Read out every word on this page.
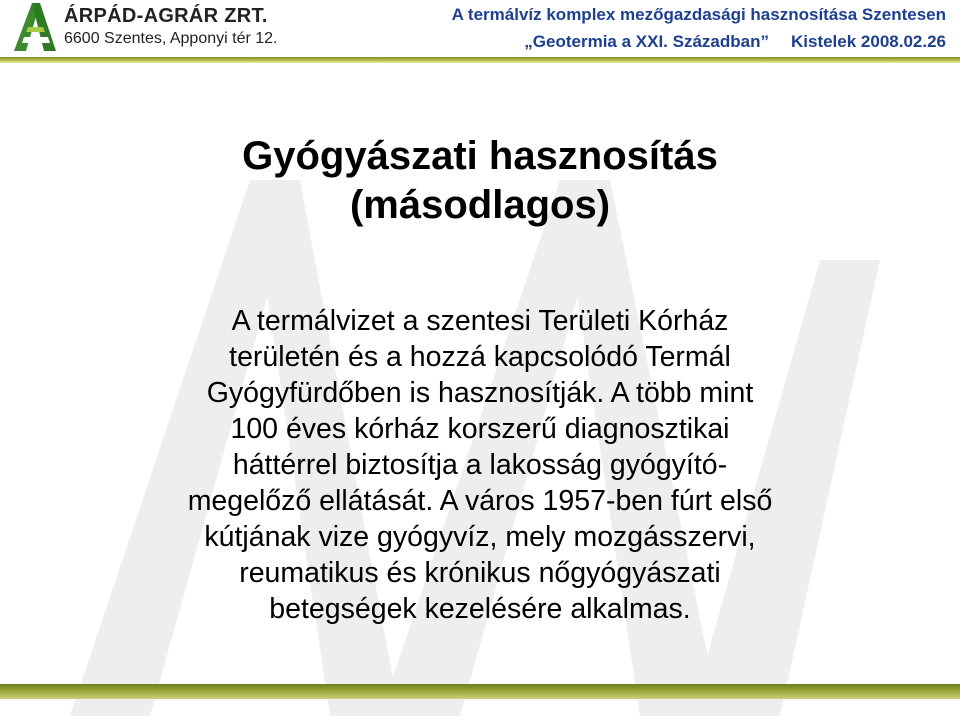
ÁRPÁD-AGRÁR ZRT.
6600 Szentes, Apponyi tér 12.
A termálvíz komplex mezőgazdasági hasznosítása Szentesen
„Geotermia a XXI. Században” Kistelek 2008.02.26
Gyógyászati hasznosítás
(másodlagos)

A termálvizet a szentesi Területi Kórház
területén és a hozzá kapcsolódó Termál
Gyógyfürdőben is hasznosítják. A több mint
100 éves kórház korszerű diagnosztikai
háttérrel biztosítja a lakosság gyógyító-
megelőző ellátását. A város 1957-ben fúrt első
kútjának vize gyógyvíz, mely mozgásszervi,
reumatikus és krónikus nőgyógyászati
betegségek kezelésére alkalmas.
